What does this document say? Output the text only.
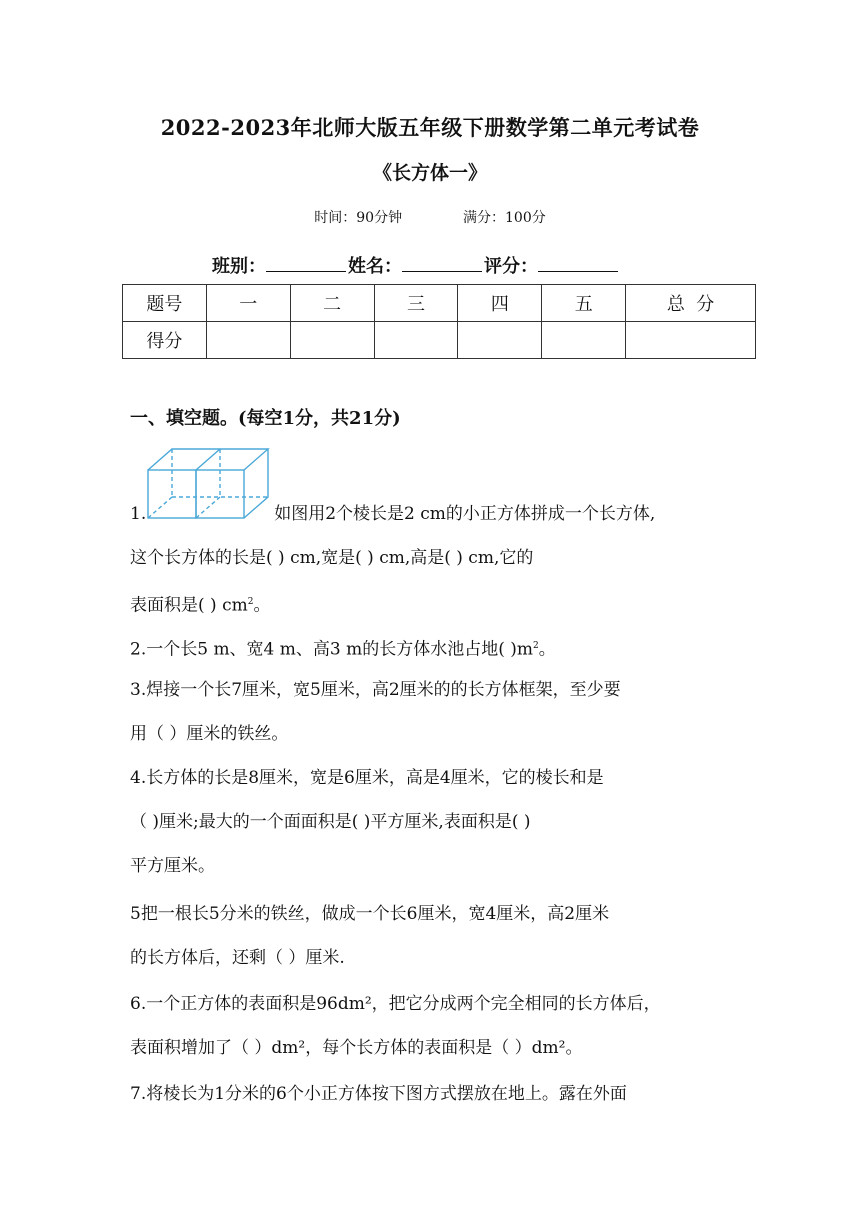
2022-2023年北师大版五年级下册数学第二单元考试卷
《长方体一》
时间：90分钟	满分：100分
班别：	姓名：	评分：
题号	一	二	三	四	五	总  分
得分						
一、填空题。(每空1分，共21分)
1.	如图用2个棱长是2 cm的小正方体拼成一个长方体,
这个长方体的长是( ) cm,宽是( ) cm,高是( ) cm,它的
表面积是( ) $cm^2$。
2.一个长5 m、宽4 m、高3 m的长方体水池占地( )$m^2$。
3.焊接一个长7厘米，宽5厘米，高2厘米的的长方体框架，至少要
用（ ）厘米的铁丝。
4.长方体的长是8厘米，宽是6厘米，高是4厘米，它的棱长和是
（ )厘米;最大的一个面面积是( )平方厘米,表面积是( )
平方厘米。
5把一根长5分米的铁丝，做成一个长6厘米，宽4厘米，高2厘米
的长方体后，还剩（ ）厘米.
6.一个正方体的表面积是96dm²，把它分成两个完全相同的长方体后，
表面积增加了（ ）dm²，每个长方体的表面积是（ ）dm²。
7.将棱长为1分米的6个小正方体按下图方式摆放在地上。露在外面
